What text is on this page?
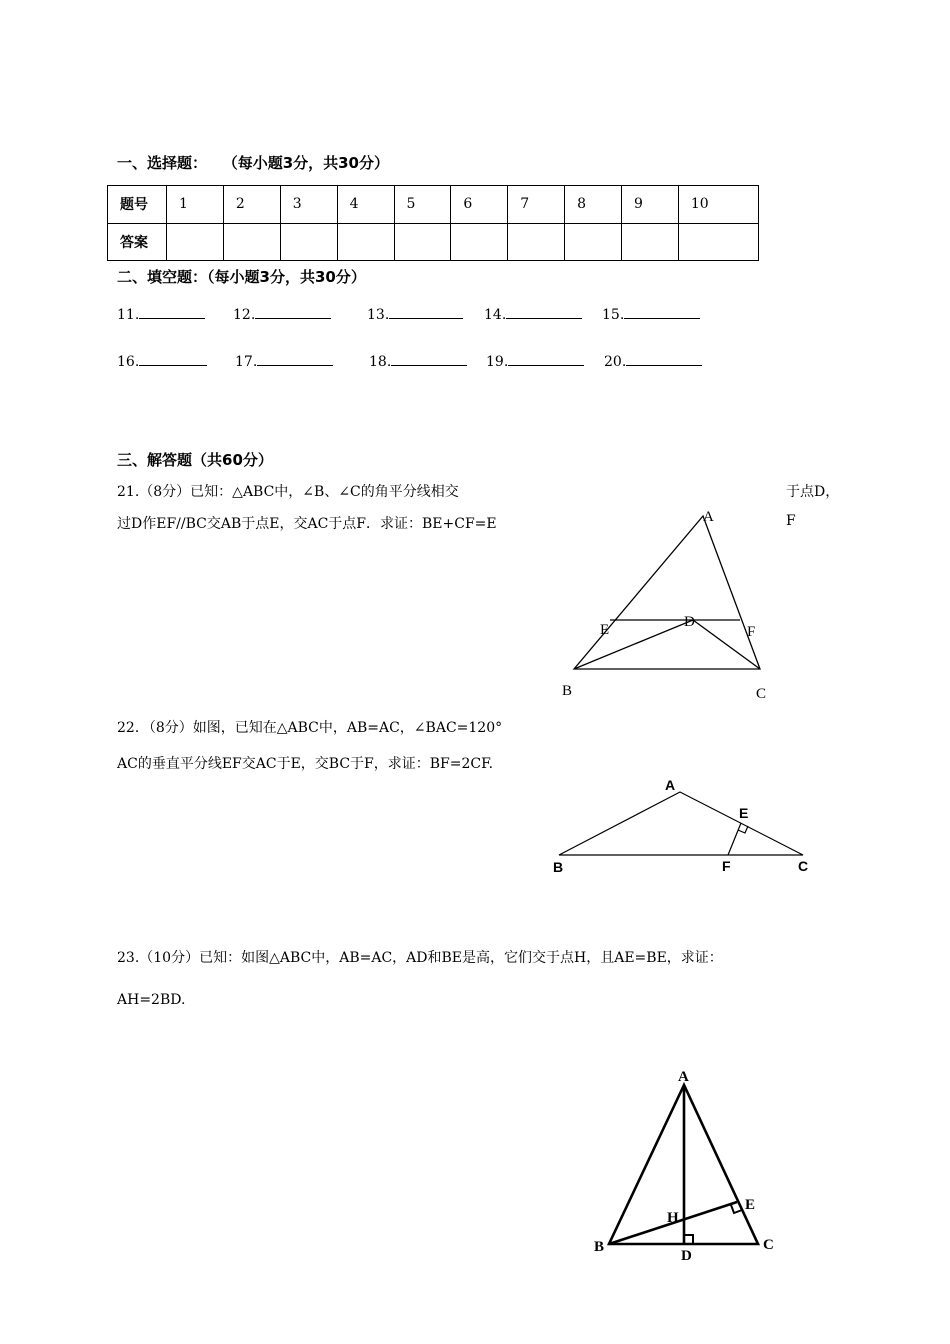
一、选择题： （每小题3分，共30分）
题号	1	2	3	4	5	6	7	8	9	10
答案										
二、填空题：（每小题3分，共30分）
11.	12.	13.	14.	15.
16.	17.	18.	19.	20.
三、解答题（共60分）
21.（8分）已知：△ABC中，∠B、∠C的角平分线相交	于点D，
过D作EF//BC交AB于点E，交AC于点F．求证：BE+CF=E	F
A
B	C
D
E	F
22．（8分）如图，已知在△ABC中，AB=AC，∠BAC=120°
AC的垂直平分线EF交AC于E，交BC于F，求证：BF=2CF.
A
B	C
E
F
23.（10分）已知：如图△ABC中，AB=AC，AD和BE是高，它们交于点H，且AE=BE，求证：
AH=2BD.
A
B	C
D
E
H
